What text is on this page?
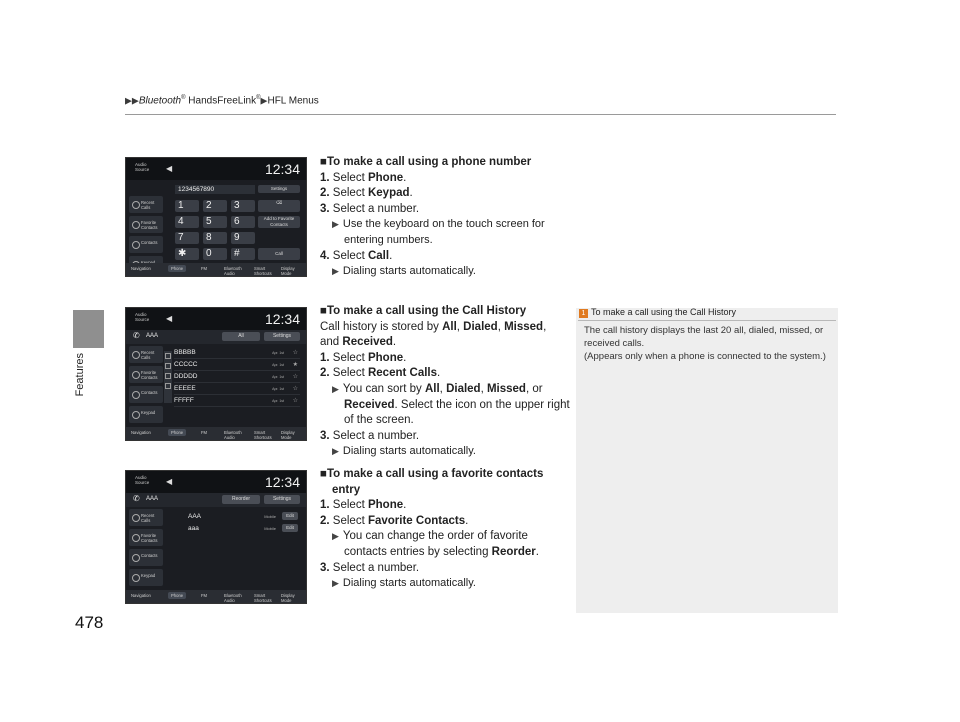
▶▶Bluetooth® HandsFreeLink®▶HFL Menus
Features
478
Audio Source	◀	12:34
1234567890	Settings
Recent Calls
Favorite Contacts
Contacts
1	2	3
4	5	6
7	8	9
✱	0	#
⌫
Add to Favorite Contacts
Call
Navigation	Phone	FM	Bluetooth Audio
Smart Shortcuts
Display Mode
Audio Source	◀	12:34
✆ AAA	All	Settings
Recent Calls
Favorite Contacts
Contacts
Keypad
BBBBB	Apr. 1st ☆
CCCCC	Apr. 1st ★
DDDDD	Apr. 1st ☆
EEEEE	Apr. 1st ☆
FFFFF	Apr. 1st ☆
Navigation	Phone	FM	Bluetooth Audio
Smart Shortcuts
Display Mode
Audio Source	◀	12:34
✆ AAA	Reorder	Settings
Recent Calls
Favorite Contacts
Contacts
Keypad
AAA	Mobile	Edit
aaa	Mobile	Edit
Navigation	Phone	FM	Bluetooth Audio
Smart Shortcuts
Display Mode
■To make a call using a phone number
1. Select Phone.
2. Select Keypad.
3. Select a number.
▶ Use the keyboard on the touch screen for entering numbers.
4. Select Call.
▶ Dialing starts automatically.
■To make a call using the Call History
Call history is stored by All, Dialed, Missed,
and Received.
1. Select Phone.
2. Select Recent Calls.
▶ You can sort by All, Dialed, Missed, or Received. Select the icon on the upper right of the screen.
3. Select a number.
▶ Dialing starts automatically.
■To make a call using a favorite contacts entry
1. Select Phone.
2. Select Favorite Contacts.
▶ You can change the order of favorite contacts entries by selecting Reorder.
3. Select a number.
▶ Dialing starts automatically.
1 To make a call using the Call History
The call history displays the last 20 all, dialed, missed, or received calls.
(Appears only when a phone is connected to the system.)
